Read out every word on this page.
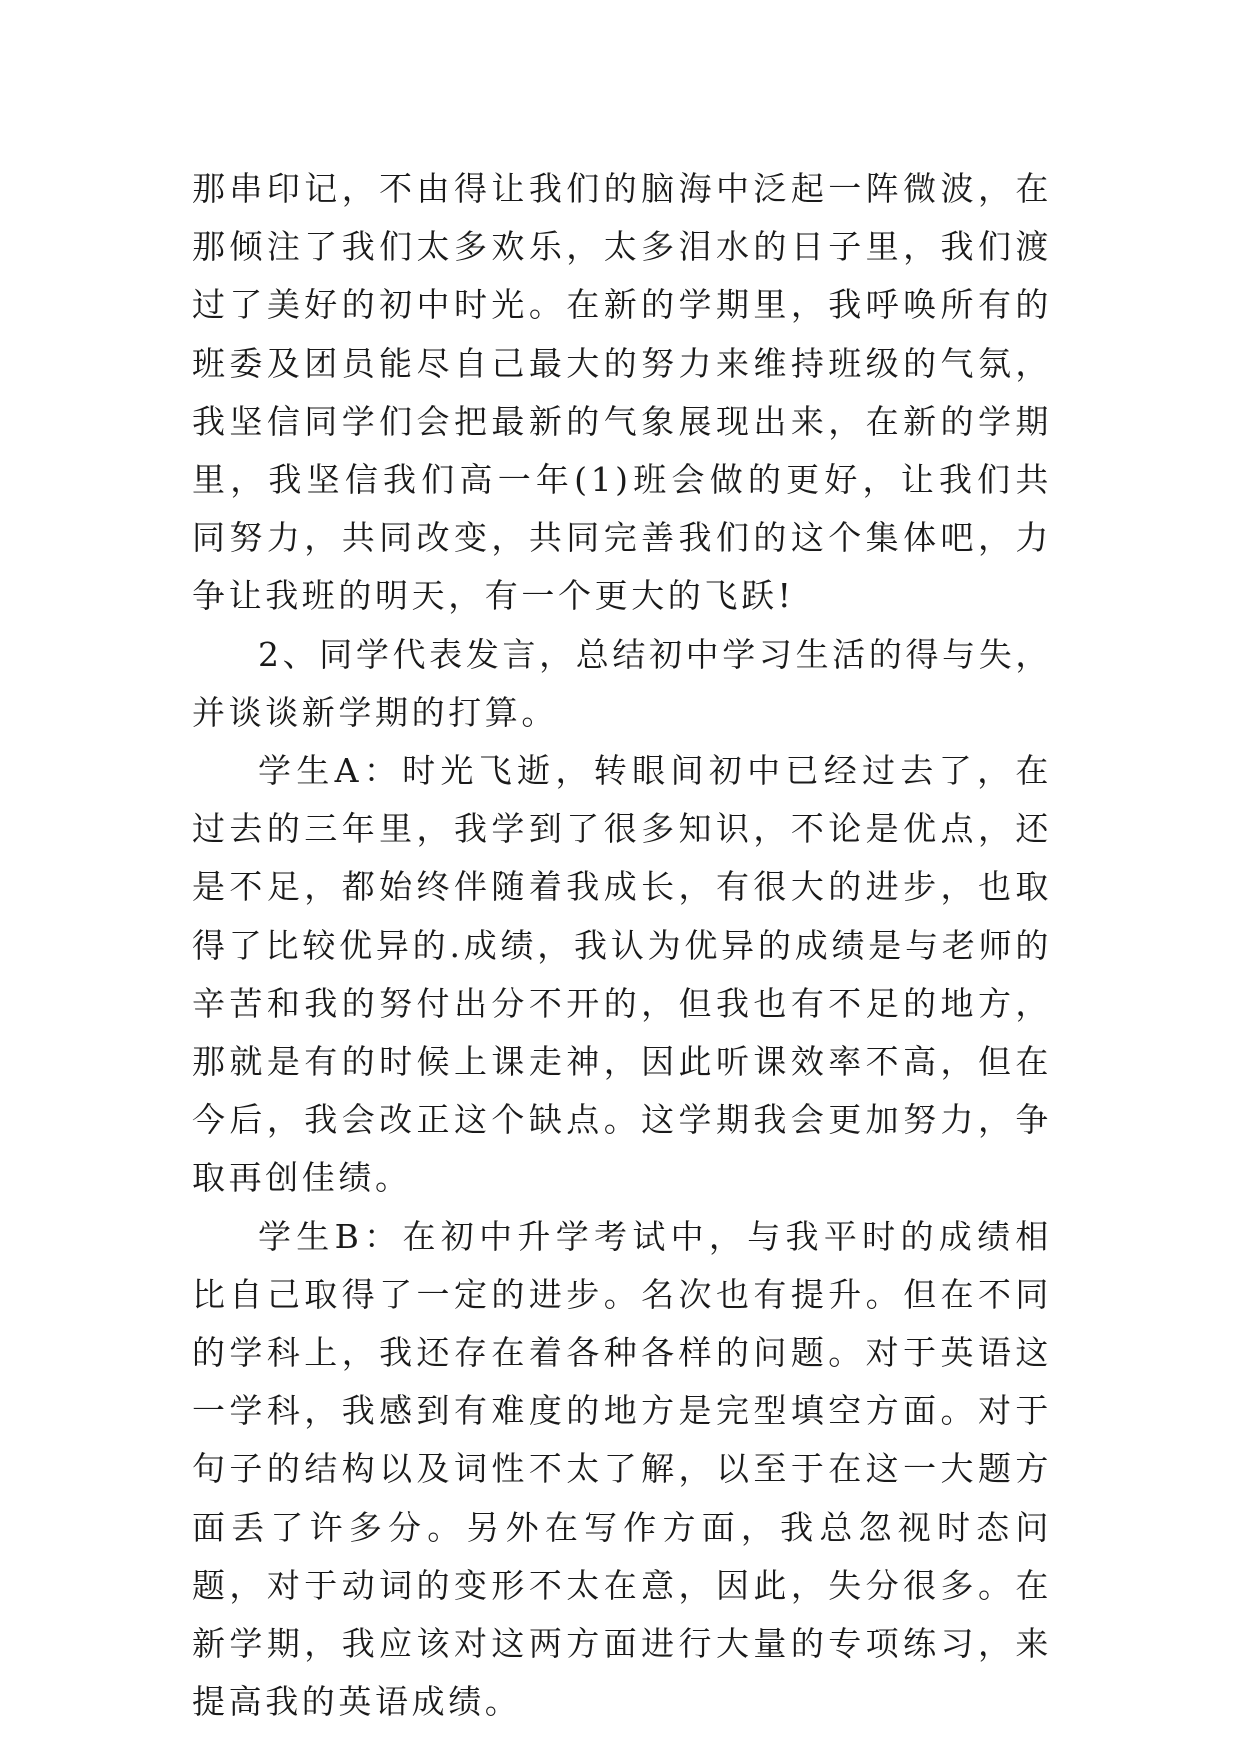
那串印记，不由得让我们的脑海中泛起一阵微波，在那倾注了我们太多欢乐，太多泪水的日子里，我们渡过了美好的初中时光。在新的学期里，我呼唤所有的班委及团员能尽自己最大的努力来维持班级的气氛，我坚信同学们会把最新的气象展现出来，在新的学期里，我坚信我们高一年(1)班会做的更好，让我们共同努力，共同改变，共同完善我们的这个集体吧，力争让我班的明天，有一个更大的飞跃!

2、同学代表发言，总结初中学习生活的得与失，并谈谈新学期的打算。

学生A：时光飞逝，转眼间初中已经过去了，在过去的三年里，我学到了很多知识，不论是优点，还是不足，都始终伴随着我成长，有很大的进步，也取得了比较优异的.成绩，我认为优异的成绩是与老师的辛苦和我的努付出分不开的，但我也有不足的地方，那就是有的时候上课走神，因此听课效率不高，但在今后，我会改正这个缺点。这学期我会更加努力，争取再创佳绩。

学生B：在初中升学考试中，与我平时的成绩相比自己取得了一定的进步。名次也有提升。但在不同的学科上，我还存在着各种各样的问题。对于英语这一学科，我感到有难度的地方是完型填空方面。对于句子的结构以及词性不太了解，以至于在这一大题方面丢了许多分。另外在写作方面，我总忽视时态问题，对于动词的变形不太在意，因此，失分很多。在新学期，我应该对这两方面进行大量的专项练习，来提高我的英语成绩。
